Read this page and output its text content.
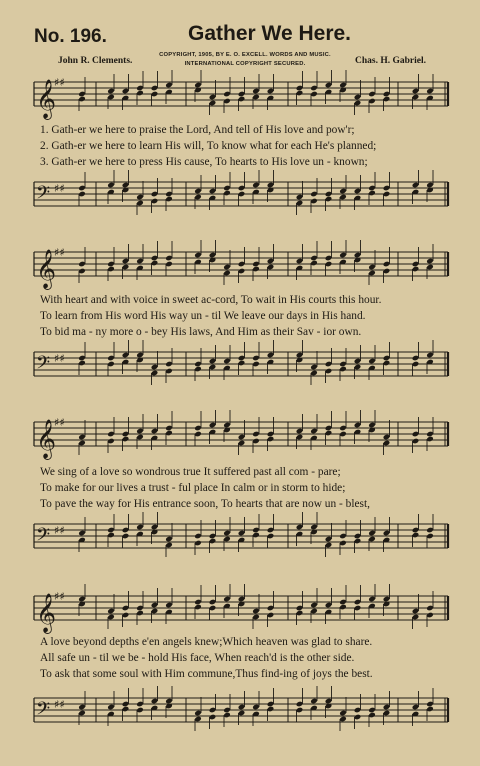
No. 196.	Gather We Here.
COPYRIGHT, 1905, BY E. O. EXCELL. WORDS AND MUSIC.
INTERNATIONAL COPYRIGHT SECURED.
John R. Clements.	Chas. H. Gabriel.
𝄞
♯♯
1. Gath-er we here to praise the Lord, And tell of His love and pow'r;
2. Gath-er we here to learn His will, To know what for each He's planned;
3. Gath-er we here to press His cause, To hearts to His love un - known;
𝄢 ♯♯
𝄞
♯♯
With heart and with voice in sweet ac-cord, To wait in His courts this hour.
To learn from His word His way un - til We leave our days in His hand.
To bid ma - ny more o - bey His laws, And Him as their Sav - ior own.
𝄢 ♯♯
𝄞
♯♯
We sing of a love so wondrous true It suffered past all com - pare;
To make for our lives a trust - ful place In calm or in storm to hide;
To pave the way for His entrance soon, To hearts that are now un - blest,
𝄢 ♯♯
𝄞
♯♯
A love beyond depths e'en angels knew;Which heaven was glad to share.
All safe un - til we be - hold His face, When reach'd is the other side.
To ask that some soul with Him commune,Thus find-ing of joys the best.
𝄢 ♯♯
